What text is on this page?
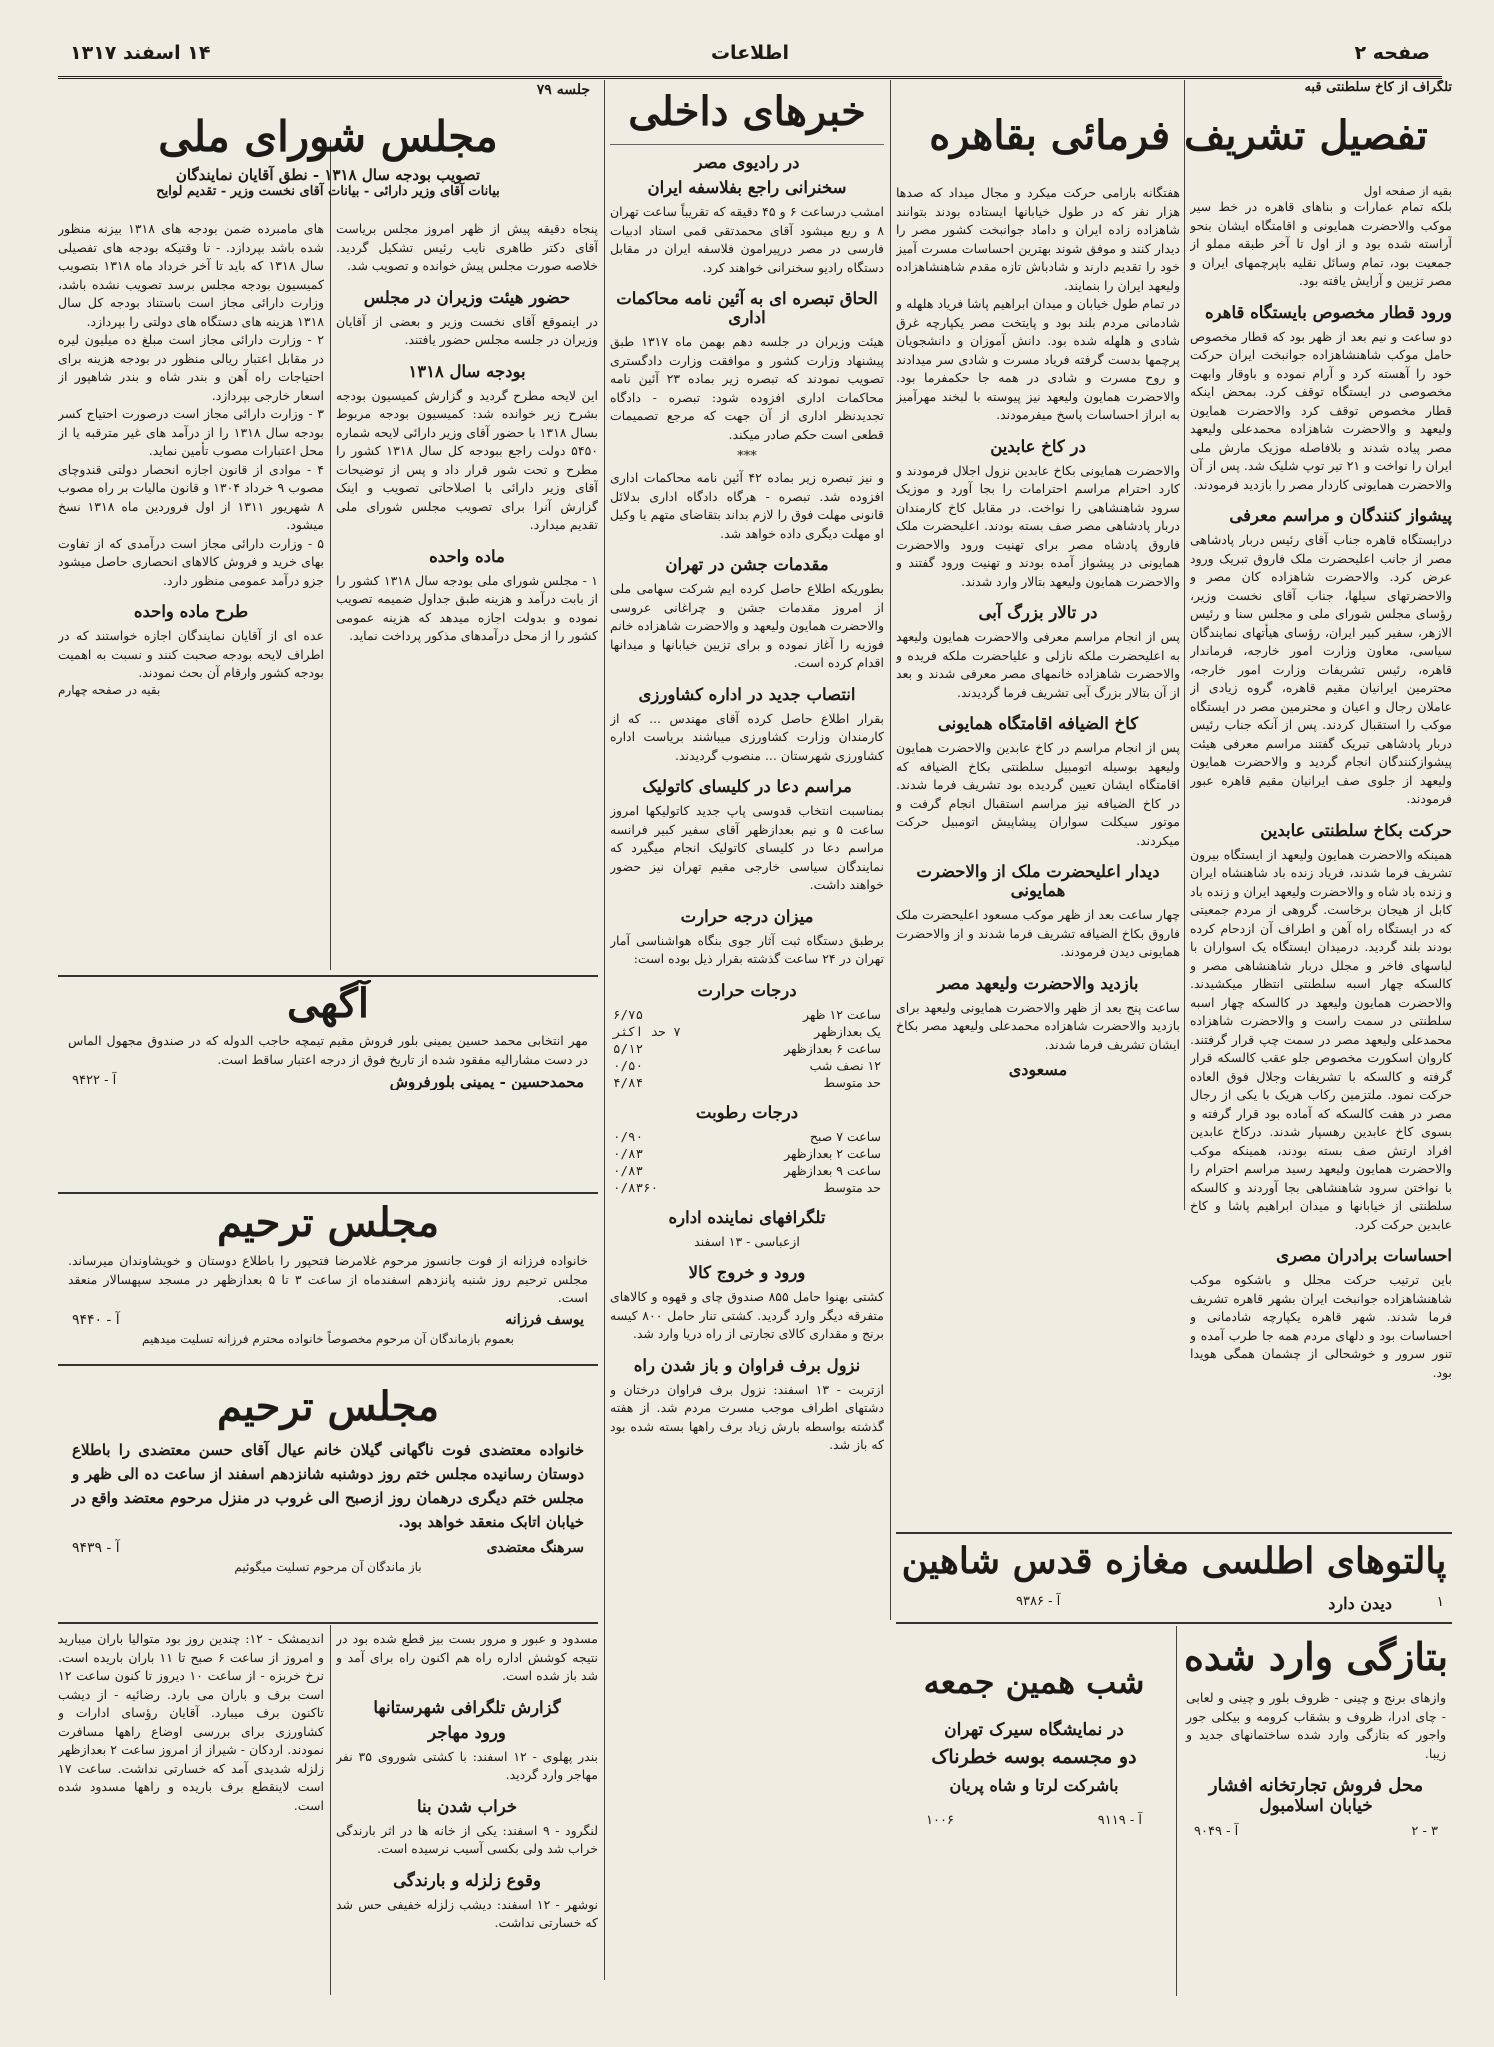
صفحه ۲
اطلاعات
۱۴ اسفند ۱۳۱۷
تلگراف از کاخ سلطنتی قبه
تفصیل تشریف فرمائی بقاهره
بقیه از صفحه اول

بلکه تمام عمارات و بناهای قاهره در خط سیر موکب والاحضرت همایونی و اقامتگاه ایشان بنحو آراسته شده بود و از اول تا آخر طبقه مملو از جمعیت بود، تمام وسائل نقلیه باپرچمهای ایران و مصر تزیین و آرایش یافته بود.

ورود قطار مخصوص بایستگاه قاهره

دو ساعت و نیم بعد از ظهر بود که قطار مخصوص حامل موکب شاهنشاهزاده جوانبخت ایران حرکت خود را آهسته کرد و آرام نموده و باوقار وابهت مخصوصی در ایستگاه توقف کرد. بمحض اینکه قطار مخصوص توقف کرد والاحضرت همایون ولیعهد و والاحضرت شاهزاده محمدعلی ولیعهد مصر پیاده شدند و بلافاصله موزیک مارش ملی ایران را نواخت و ۲۱ تیر توپ شلیک شد. پس از آن والاحضرت همایونی کاردار مصر را بازدید فرمودند.

پیشواز کنندگان و مراسم معرفی

درایستگاه قاهره جناب آقای رئیس دربار پادشاهی مصر از جانب اعلیحضرت ملک فاروق تبریک ورود عرض کرد. والاحضرت شاهزاده کان مصر و والاحضرتهای سیلها، جناب آقای نخست وزیر، رؤسای مجلس شورای ملی و مجلس سنا و رئیس الازهر، سفیر کبیر ایران، رؤسای هیأتهای نمایندگان سیاسی، معاون وزارت امور خارجه، فرماندار قاهره، رئیس تشریفات وزارت امور خارجه، محترمین ایرانیان مقیم قاهره، گروه زیادی از عاملان رجال و اعیان و محترمین مصر در ایستگاه موکب را استقبال کردند. پس از آنکه جناب رئیس دربار پادشاهی تبریک گفتند مراسم معرفی هیئت پیشوازکنندگان انجام گردید و والاحضرت همایون ولیعهد از جلوی صف ایرانیان مقیم قاهره عبور فرمودند.

حرکت بکاخ سلطنتی عابدین

همینکه والاحضرت همایون ولیعهد از ایستگاه بیرون تشریف فرما شدند، فریاد زنده باد شاهنشاه ایران و زنده باد شاه و والاحضرت ولیعهد ایران و زنده باد کابل از هیجان برخاست. گروهی از مردم جمعیتی که در ایستگاه راه آهن و اطراف آن ازدحام کرده بودند بلند گردید. درمیدان ایستگاه یک اسواران با لباسهای فاخر و مجلل دربار شاهنشاهی مصر و کالسکه چهار اسبه سلطنتی انتظار میکشیدند. والاحضرت همایون ولیعهد در کالسکه چهار اسبه سلطنتی در سمت راست و والاحضرت شاهزاده محمدعلی ولیعهد مصر در سمت چپ قرار گرفتند. کاروان اسکورت مخصوص جلو عقب کالسکه قرار گرفته و کالسکه با تشریفات وجلال فوق العاده حرکت نمود. ملتزمین رکاب هریک با یکی از رجال مصر در هفت کالسکه که آماده بود قرار گرفته و بسوی کاخ عابدین رهسپار شدند. درکاخ عابدین افراد ارتش صف بسته بودند، همینکه موکب والاحضرت همایون ولیعهد رسید مراسم احترام را با نواختن سرود شاهنشاهی بجا آوردند و کالسکه سلطنتی از خیابانها و میدان ابراهیم پاشا و کاخ عابدین حرکت کرد.

احساسات برادران مصری

باین ترتیب حرکت مجلل و باشکوه موکب شاهنشاهزاده جوانبخت ایران بشهر قاهره تشریف فرما شدند. شهر قاهره یکپارچه شادمانی و احساسات بود و دلهای مردم همه جا طرب آمده و تنور سرور و خوشحالی از چشمان همگی هویدا بود.

هفتگانه بارامی حرکت میکرد و مجال میداد که صدها هزار نفر که در طول خیابانها ایستاده بودند بتوانند شاهزاده زاده ایران و داماد جوانبخت کشور مصر را دیدار کنند و موفق شوند بهترین احساسات مسرت آمیز خود را تقدیم دارند و شادباش تازه مقدم شاهنشاهزاده ولیعهد ایران را بنمایند.

در تمام طول خیابان و میدان ابراهیم پاشا فریاد هلهله و شادمانی مردم بلند بود و پایتخت مصر یکپارچه غرق شادی و هلهله شده بود. دانش آموزان و دانشجویان پرچمها بدست گرفته فریاد مسرت و شادی سر میدادند و روح مسرت و شادی در همه جا حکمفرما بود. والاحضرت همایون ولیعهد نیز پیوسته با لبخند مهرآمیز به ابراز احساسات پاسخ میفرمودند.

در کاخ عابدین

والاحضرت همایونی بکاخ عابدین نزول اجلال فرمودند و کارد احترام مراسم احترامات را بجا آورد و موزیک سرود شاهنشاهی را نواخت. در مقابل کاخ کارمندان دربار پادشاهی مصر صف بسته بودند. اعلیحضرت ملک فاروق پادشاه مصر برای تهنیت ورود والاحضرت همایونی در پیشواز آمده بودند و تهنیت ورود گفتند و والاحضرت همایون ولیعهد بتالار وارد شدند.

در تالار بزرگ آبی

پس از انجام مراسم معرفی والاحضرت همایون ولیعهد به اعلیحضرت ملکه نازلی و علیاحضرت ملکه فریده و والاحضرت شاهزاده خانمهای مصر معرفی شدند و بعد از آن بتالار بزرگ آبی تشریف فرما گردیدند.

کاخ الضیافه اقامتگاه همایونی

پس از انجام مراسم در کاخ عابدین والاحضرت همایون ولیعهد بوسیله اتومبیل سلطنتی بکاخ الضیافه که اقامتگاه ایشان تعیین گردیده بود تشریف فرما شدند. در کاخ الضیافه نیز مراسم استقبال انجام گرفت و موتور سیکلت سواران پیشاپیش اتومبیل حرکت میکردند.

دیدار اعلیحضرت ملک از والاحضرت همایونی

چهار ساعت بعد از ظهر موکب مسعود اعلیحضرت ملک فاروق بکاخ الضیافه تشریف فرما شدند و از والاحضرت همایونی دیدن فرمودند.

بازدید والاحضرت ولیعهد مصر

ساعت پنج بعد از ظهر والاحضرت همایونی ولیعهد برای بازدید والاحضرت شاهزاده محمدعلی ولیعهد مصر بکاخ ایشان تشریف فرما شدند.

مسعودی
پالتوهای اطلسی مغازه قدس شاهین
۱
دیدن دارد
آ - ۹۳۸۶
بتازگی وارد شده

وازهای برنج و چینی - ظروف بلور و چینی و لعابی - چای ادرا، ظروف و بشقاب کرومه و بیکلی جور واجور که بتازگی وارد شده ساختمانهای جدید و زیبا.

محل فروش تجارتخانه افشار
خیابان اسلامبول
۳ - ۲
آ - ۹۰۴۹
شب همین جمعه
در نمایشگاه سیرک تهران
دو مجسمه بوسه خطرناک
باشرکت لرتا و شاه پریان
آ - ۹۱۱۹
۱۰۰۶
خبرهای داخلی
در رادیوی مصر
سخنرانی راجع بفلاسفه ایران

امشب درساعت ۶ و ۴۵ دقیقه که تقریباً ساعت تهران ۸ و ربع میشود آقای محمدتقی قمی استاد ادبیات فارسی در مصر درپیرامون فلاسفه ایران در مقابل دستگاه رادیو سخنرانی خواهند کرد.

الحاق تبصره ای به آئین نامه محاکمات اداری

هیئت وزیران در جلسه دهم بهمن ماه ۱۳۱۷ طبق پیشنهاد وزارت کشور و موافقت وزارت دادگستری تصویب نمودند که تبصره زیر بماده ۲۳ آئین نامه محاکمات اداری افزوده شود: تبصره - دادگاه تجدیدنظر اداری از آن جهت که مرجع تصمیمات قطعی است حکم صادر میکند.

***

و نیز تبصره زیر بماده ۴۲ آئین نامه محاکمات اداری افزوده شد. تبصره - هرگاه دادگاه اداری بدلائل قانونی مهلت فوق را لازم بداند بتقاضای متهم یا وکیل او مهلت دیگری داده خواهد شد.

مقدمات جشن در تهران

بطوریکه اطلاع حاصل کرده ایم شرکت سهامی ملی از امروز مقدمات جشن و چراغانی عروسی والاحضرت همایون ولیعهد و والاحضرت شاهزاده خانم فوزیه را آغاز نموده و برای تزیین خیابانها و میدانها اقدام کرده است.

انتصاب جدید در اداره کشاورزی

بقرار اطلاع حاصل کرده آقای مهندس ... که از کارمندان وزارت کشاورزی میباشند بریاست اداره کشاورزی شهرستان ... منصوب گردیدند.

مراسم دعا در کلیسای کاتولیک

بمناسبت انتخاب قدوسی پاپ جدید کاتولیکها امروز ساعت ۵ و نیم بعدازظهر آقای سفیر کبیر فرانسه مراسم دعا در کلیسای کاتولیک انجام میگیرد که نمایندگان سیاسی خارجی مقیم تهران نیز حضور خواهند داشت.

میزان درجه حرارت

برطبق دستگاه ثبت آثار جوی بنگاه هواشناسی آمار تهران در ۲۴ ساعت گذشته بقرار ذیل بوده است:

درجات حرارت
ساعت ۱۲ ظهر	۶/۷۵
یک بعدازظهر	۷ حد اکثر
ساعت ۶ بعدازظهر	۵/۱۲
۱۲ نصف شب	۰/۵۰
حد متوسط	۴/۸۴
درجات رطوبت
ساعت ۷ صبح	۰/۹۰
ساعت ۲ بعدازظهر	۰/۸۳
ساعت ۹ بعدازظهر	۰/۸۳
حد متوسط	۰/۸۳۶۰
تلگرافهای نماینده اداره

ازعباسی - ۱۳ اسفند

ورود و خروج کالا

کشتی بهنوا حامل ۸۵۵ صندوق چای و قهوه و کالاهای متفرقه دیگر وارد گردید. کشتی تنار حامل ۸۰۰ کیسه برنج و مقداری کالای تجارتی از راه دریا وارد شد.

نزول برف فراوان و باز شدن راه

ازتربت - ۱۳ اسفند: نزول برف فراوان درختان و دشتهای اطراف موجب مسرت مردم شد. از هفته گذشته بواسطه بارش زیاد برف راهها بسته شده بود که باز شد.

جلسه ۷۹
مجلس شورای ملی
تصویب بودجه سال ۱۳۱۸ - نطق آقایان نمایندگان
بیانات آقای وزیر دارائی - بیانات آقای نخست وزیر - تقدیم لوایح

پنجاه دقیقه پیش از ظهر امروز مجلس بریاست آقای دکتر طاهری نایب رئیس تشکیل گردید. خلاصه صورت مجلس پیش خوانده و تصویب شد.

حضور هیئت وزیران در مجلس

در اینموقع آقای نخست وزیر و بعضی از آقایان وزیران در جلسه مجلس حضور یافتند.

بودجه سال ۱۳۱۸

این لایحه مطرح گردید و گزارش کمیسیون بودجه بشرح زیر خوانده شد: کمیسیون بودجه مربوط بسال ۱۳۱۸ با حضور آقای وزیر دارائی لایحه شماره ۵۴۵۰ دولت راجع ببودجه کل سال ۱۳۱۸ کشور را مطرح و تحت شور قرار داد و پس از توضیحات آقای وزیر دارائی با اصلاحاتی تصویب و اینک گزارش آنرا برای تصویب مجلس شورای ملی تقدیم میدارد.

ماده واحده

۱ - مجلس شورای ملی بودجه سال ۱۳۱۸ کشور را از بابت درآمد و هزینه طبق جداول ضمیمه تصویب نموده و بدولت اجازه میدهد که هزینه عمومی کشور را از محل درآمدهای مذکور پرداخت نماید.

های مامبرده ضمن بودجه های ۱۳۱۸ بیزنه منظور شده باشد بپردازد. - تا وقتیکه بودجه های تفصیلی سال ۱۳۱۸ که باید تا آخر خرداد ماه ۱۳۱۸ بتصویب کمیسیون بودجه مجلس برسد تصویب نشده باشد، وزارت دارائی مجاز است باستناد بودجه کل سال ۱۳۱۸ هزینه های دستگاه های دولتی را بپردازد.

۲ - وزارت دارائی مجاز است مبلغ ده میلیون لیره در مقابل اعتبار ریالی منظور در بودجه هزینه برای احتیاجات راه آهن و بندر شاه و بندر شاهپور از اسعار خارجی بپردازد.

۳ - وزارت دارائی مجاز است درصورت احتیاج کسر بودجه سال ۱۳۱۸ را از درآمد های غیر مترقبه یا از محل اعتبارات مصوب تأمین نماید.

۴ - موادی از قانون اجازه انحصار دولتی قندوچای مصوب ۹ خرداد ۱۳۰۴ و قانون مالیات بر راه مصوب ۸ شهریور ۱۳۱۱ از اول فروردین ماه ۱۳۱۸ نسخ میشود.

۵ - وزارت دارائی مجاز است درآمدی که از تفاوت بهای خرید و فروش کالاهای انحصاری حاصل میشود جزو درآمد عمومی منظور دارد.

طرح ماده واحده

عده ای از آقایان نمایندگان اجازه خواستند که در اطراف لایحه بودجه صحبت کنند و نسبت به اهمیت بودجه کشور وارقام آن بحث نمودند.

بقیه در صفحه چهارم
آگهی

مهر انتخابی محمد حسین یمینی بلور فروش مقیم تیمچه حاجب الدوله که در صندوق مجهول الماس در دست مشارالیه مفقود شده از تاریخ فوق از درجه اعتبار ساقط است.

محمدحسین - یمینی بلورفروش
آ - ۹۴۲۲
مجلس ترحیم

خانواده فرزانه از فوت جانسوز مرحوم غلامرضا فتحپور را باطلاع دوستان و خویشاوندان میرساند. مجلس ترحیم روز شنبه پانزدهم اسفندماه از ساعت ۳ تا ۵ بعدازظهر در مسجد سپهسالار منعقد است.

یوسف فرزانه
آ - ۹۴۴۰
بعموم بازماندگان آن مرحوم مخصوصاً خانواده محترم فرزانه تسلیت میدهیم
مجلس ترحیم

خانواده معتضدی فوت ناگهانی گیلان خانم عیال آقای حسن معتضدی را باطلاع دوستان رسانیده مجلس ختم روز دوشنبه شانزدهم اسفند از ساعت ده الی ظهر و مجلس ختم دیگری درهمان روز ازصبح الی غروب در منزل مرحوم معتضد واقع در خیابان اتابک منعقد خواهد بود.

سرهنگ معتضدی
آ - ۹۴۳۹
باز ماندگان آن مرحوم تسلیت میگوئیم

مسدود و عبور و مرور بست بیز قطع شده بود در نتیجه کوشش اداره راه هم اکنون راه برای آمد و شد باز شده است.

گزارش تلگرافی شهرستانها
ورود مهاجر

بندر پهلوی - ۱۲ اسفند: با کشتی شوروی ۳۵ نفر مهاجر وارد گردید.

خراب شدن بنا

لنگرود - ۹ اسفند: یکی از خانه ها در اثر بارندگی خراب شد ولی بکسی آسیب نرسیده است.

وقوع زلزله و بارندگی

نوشهر - ۱۲ اسفند: دیشب زلزله خفیفی حس شد که خسارتی نداشت.

اندیمشک - ۱۲: چندین روز بود متوالیا باران میبارید و امروز از ساعت ۶ صبح تا ۱۱ باران باریده است. نرخ خربزه - از ساعت ۱۰ دیروز تا کنون ساعت ۱۲ است برف و باران می بارد. رضائیه - از دیشب تاکنون برف میبارد. آقایان رؤسای ادارات و کشاورزی برای بررسی اوضاع راهها مسافرت نمودند. اردکان - شیراز از امروز ساعت ۲ بعدازظهر زلزله شدیدی آمد که خسارتی نداشت. ساعت ۱۷ است لاینقطع برف باریده و راهها مسدود شده است.
